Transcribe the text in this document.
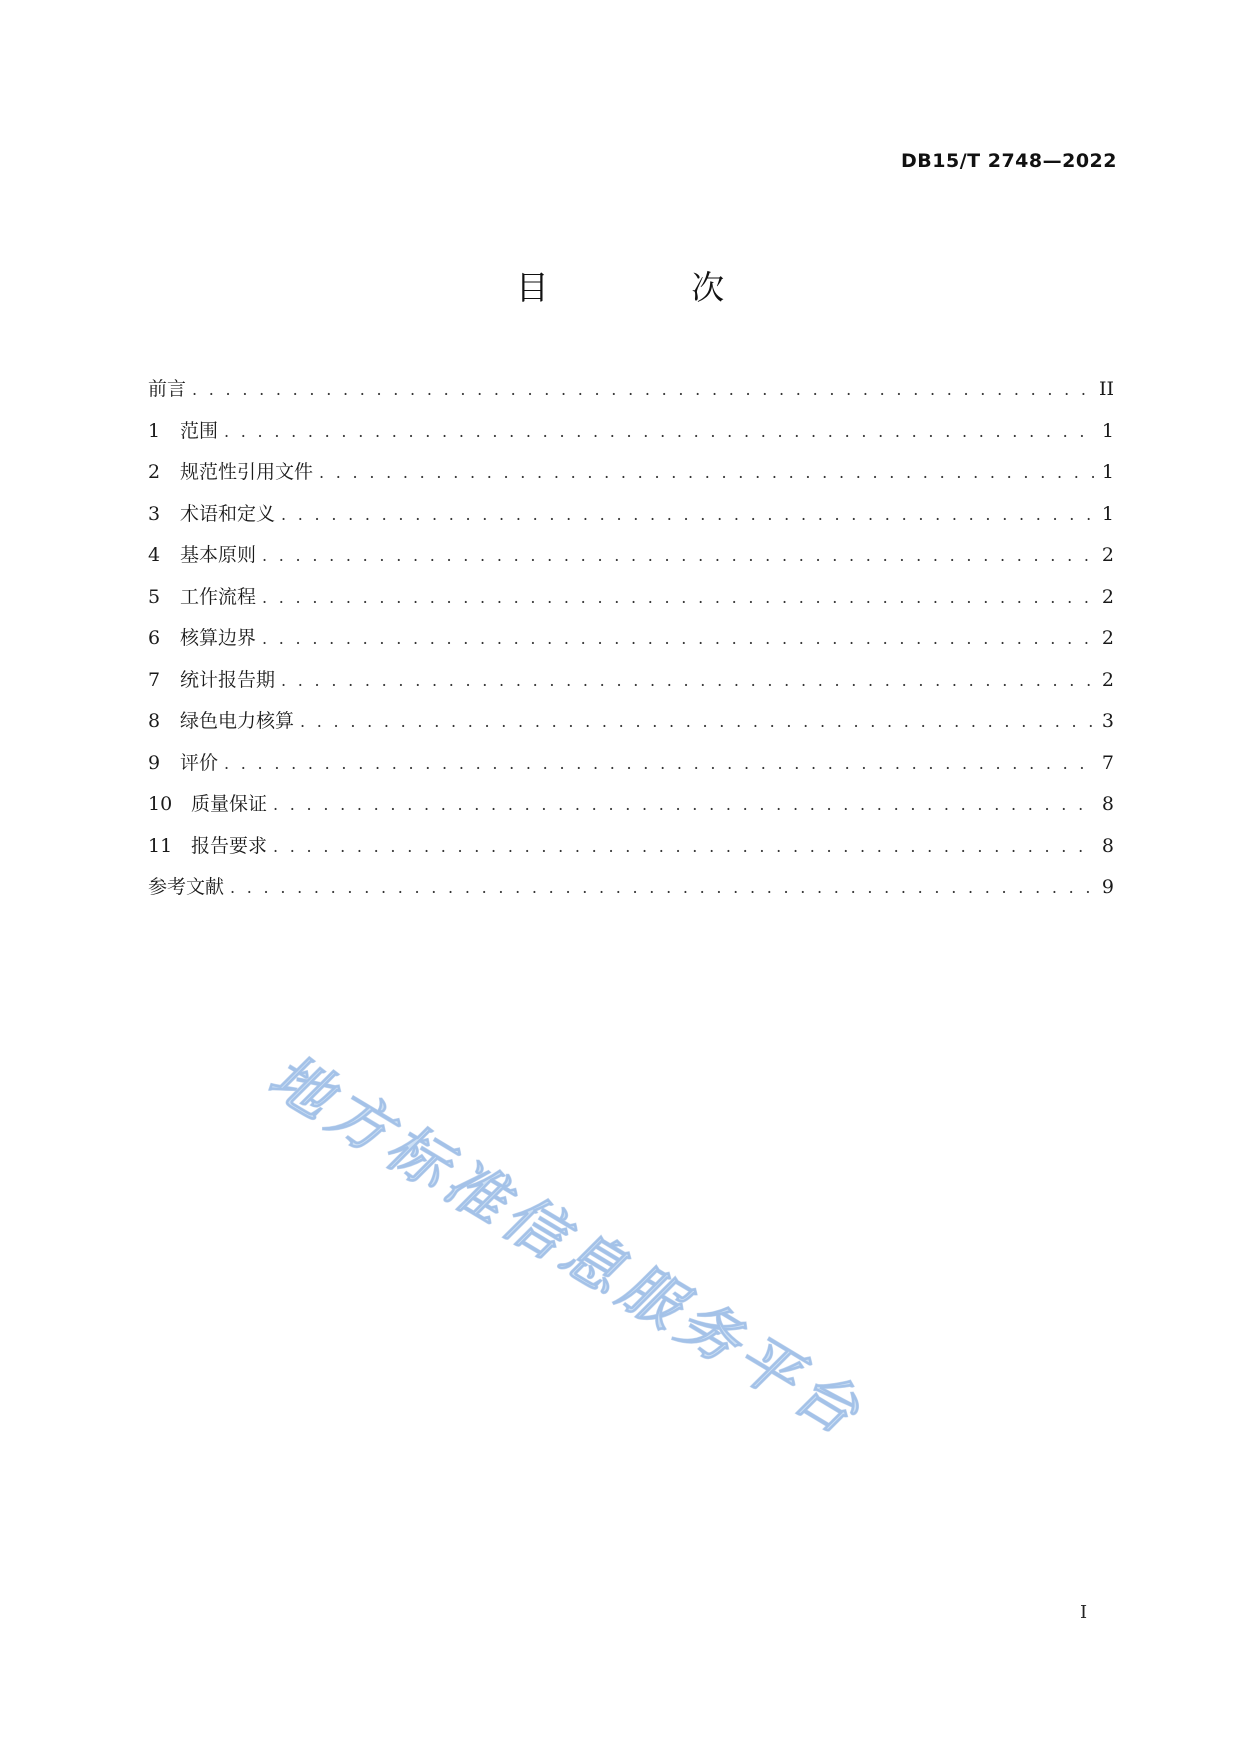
DB15/T 2748—2022
目 次
前言 . . .	II
1	范围 . . .	1
2	规范性引用文件 . . .	1
3	术语和定义 . . .	1
4	基本原则 . . .	2
5	工作流程 . . .	2
6	核算边界 . . .	2
7	统计报告期 . . .	2
8	绿色电力核算 . . .	3
9	评价 . . .	7
10 质量保证 . . .	8
11 报告要求 . . .	8
参考文献 . . .	9
地方标准信息服务平台
I
